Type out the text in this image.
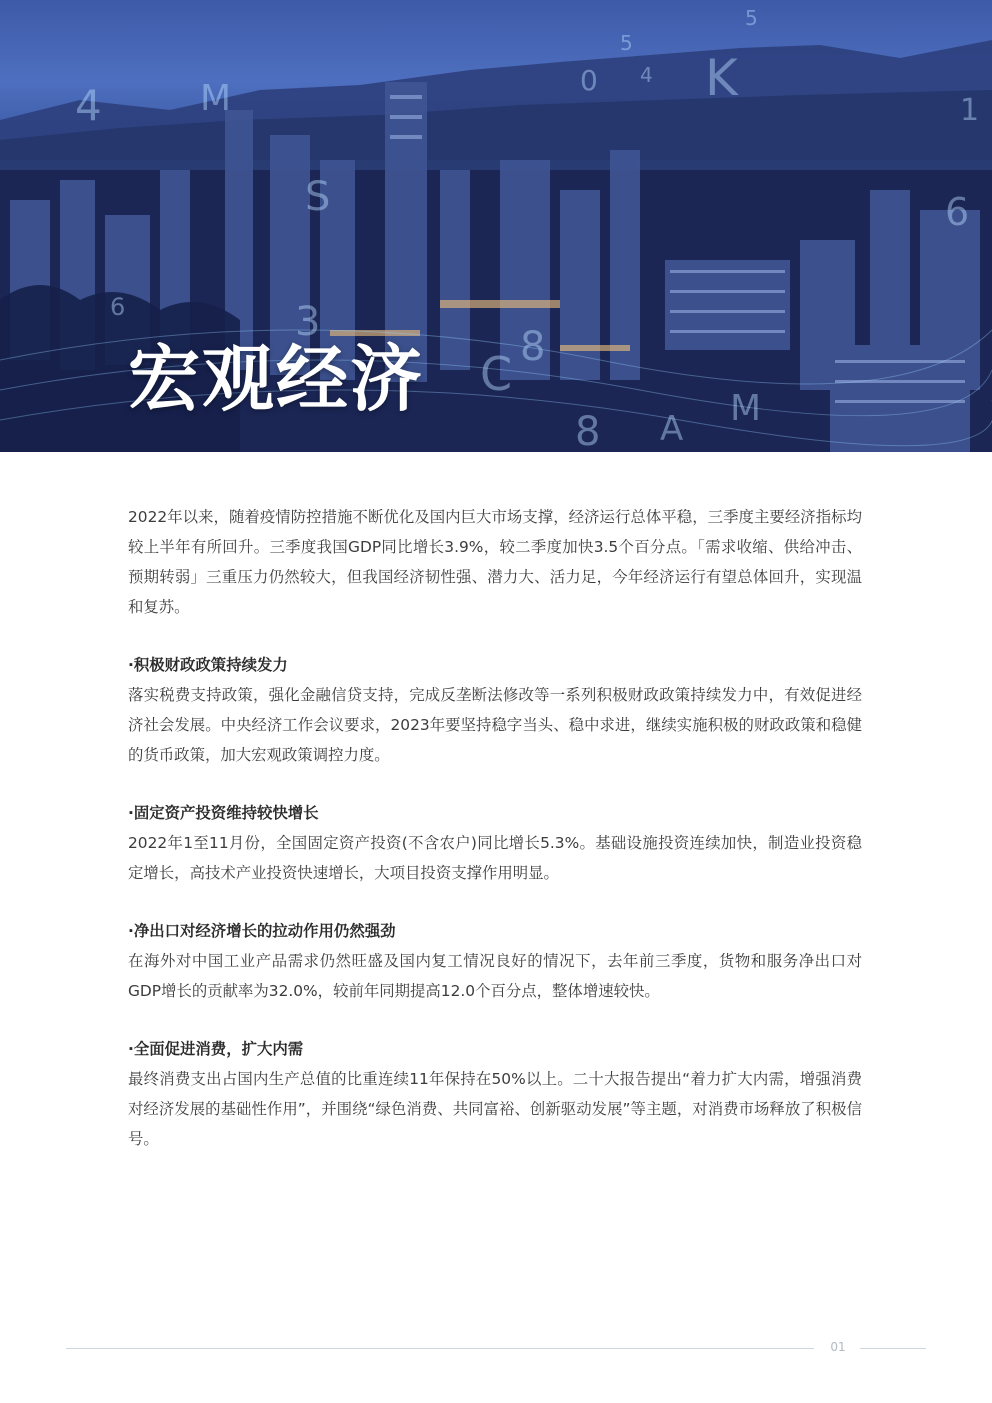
4	M
5
0 4 K
5
S
3
C 8
8 A M
6
1
6
宏观经济

2022年以来，随着疫情防控措施不断优化及国内巨大市场支撑，经济运行总体平稳，三季度主要经济指标均较上半年有所回升。三季度我国GDP同比增长3.9%，较二季度加快3.5个百分点。「需求收缩、供给冲击、预期转弱」三重压力仍然较大，但我国经济韧性强、潜力大、活力足，今年经济运行有望总体回升，实现温和复苏。

·积极财政政策持续发力

落实税费支持政策，强化金融信贷支持，完成反垄断法修改等一系列积极财政政策持续发力中，有效促进经济社会发展。中央经济工作会议要求，2023年要坚持稳字当头、稳中求进，继续实施积极的财政政策和稳健的货币政策，加大宏观政策调控力度。

·固定资产投资维持较快增长

2022年1至11月份，全国固定资产投资(不含农户)同比增长5.3%。基础设施投资连续加快，制造业投资稳定增长，高技术产业投资快速增长，大项目投资支撑作用明显。

·净出口对经济增长的拉动作用仍然强劲

在海外对中国工业产品需求仍然旺盛及国内复工情况良好的情况下，去年前三季度，货物和服务净出口对GDP增长的贡献率为32.0%，较前年同期提高12.0个百分点，整体增速较快。

·全面促进消费，扩大内需

最终消费支出占国内生产总值的比重连续11年保持在50%以上。二十大报告提出“着力扩大内需，增强消费对经济发展的基础性作用”，并围绕“绿色消费、共同富裕、创新驱动发展”等主题，对消费市场释放了积极信号。

01
